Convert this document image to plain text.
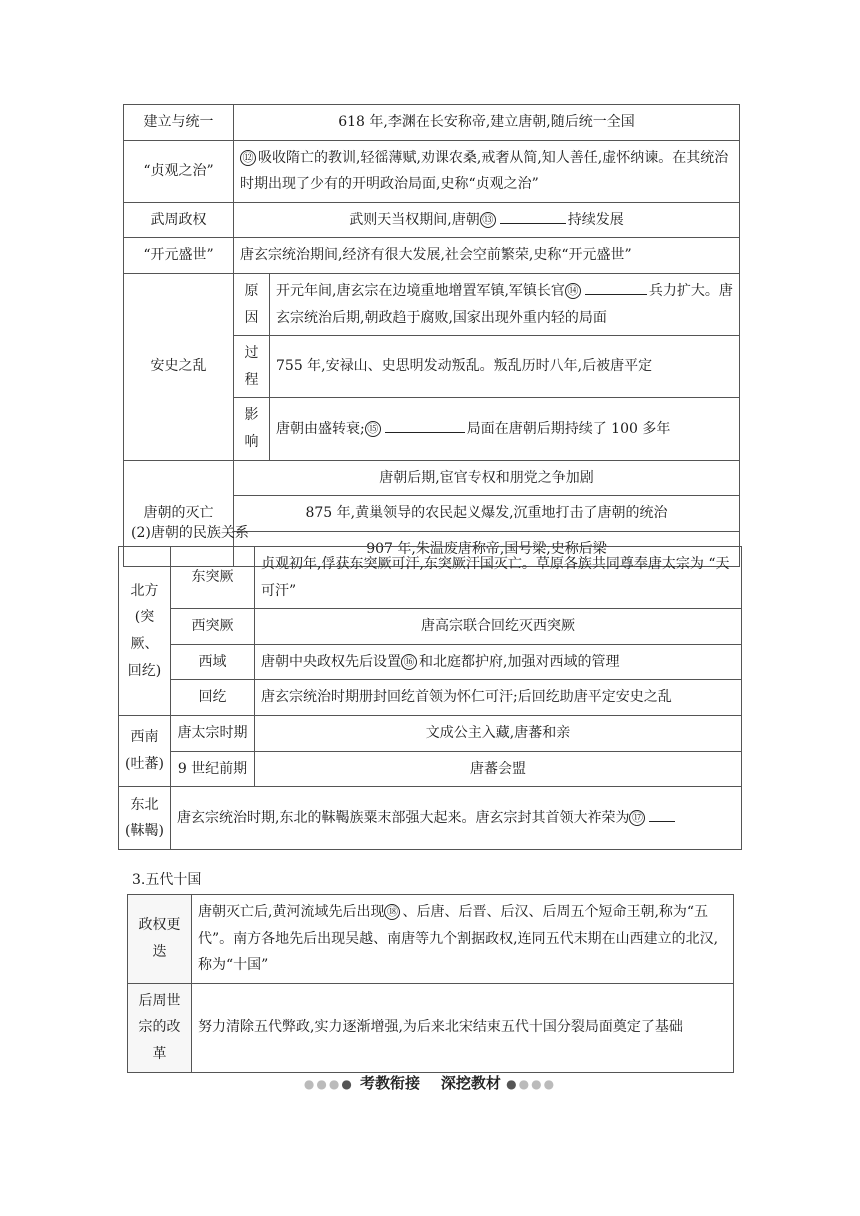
建立与统一	618 年,李渊在长安称帝,建立唐朝,随后统一全国	
“贞观之治”	⑫ 吸收隋亡的教训,轻徭薄赋,劝课农桑,戒奢从简,知人善任,虚怀纳谏。在其统治时期出现了少有的开明政治局面,史称“贞观之治”	
武周政权	武则天当权期间,唐朝 ⑬ 持续发展	
“开元盛世”	唐玄宗统治期间,经济有很大发展,社会空前繁荣,史称“开元盛世”	
安史之乱	原因	开元年间,唐玄宗在边境重地增置军镇,军镇长官 ⑭ 兵力扩大。唐玄宗统治后期,朝政趋于腐败,国家出现外重内轻的局面
	过程	755 年,安禄山、史思明发动叛乱。叛乱历时八年,后被唐平定
	影响	唐朝由盛转衰; ⑮ 局面在唐朝后期持续了 100 多年
唐朝的灭亡	唐朝后期,宦官专权和朋党之争加剧	
	875 年,黄巢领导的农民起义爆发,沉重地打击了唐朝的统治	
	907 年,朱温废唐称帝,国号梁,史称后梁	
(2)唐朝的民族关系
北方
(突厥、
回纥)	东突厥	贞观初年,俘获东突厥可汗,东突厥汗国灭亡。草原各族共同尊奉唐太宗为 “天可汗”
	西突厥	唐高宗联合回纥灭西突厥
	西域	唐朝中央政权先后设置 ⑯ 和北庭都护府,加强对西域的管理
	回纥	唐玄宗统治时期册封回纥首领为怀仁可汗;后回纥助唐平定安史之乱

西南
(吐蕃)	唐太宗时期	文成公主入藏,唐蕃和亲
	9 世纪前期	唐蕃会盟

东北
(靺鞨)	唐玄宗统治时期,东北的靺鞨族粟末部强大起来。唐玄宗封其首领大祚荣为 ⑰	
3.五代十国
政权更迭	唐朝灭亡后,黄河流域先后出现 ⑱ 、后唐、后晋、后汉、后周五个短命王朝,称为“五代”。南方各地先后出现吴越、南唐等九个割据政权,连同五代末期在山西建立的北汉,称为“十国”

后周世
宗的改革	努力清除五代弊政,实力逐渐增强,为后来北宋结束五代十国分裂局面奠定了基础
●●●● 考教衔接 深挖教材 ●●●●
